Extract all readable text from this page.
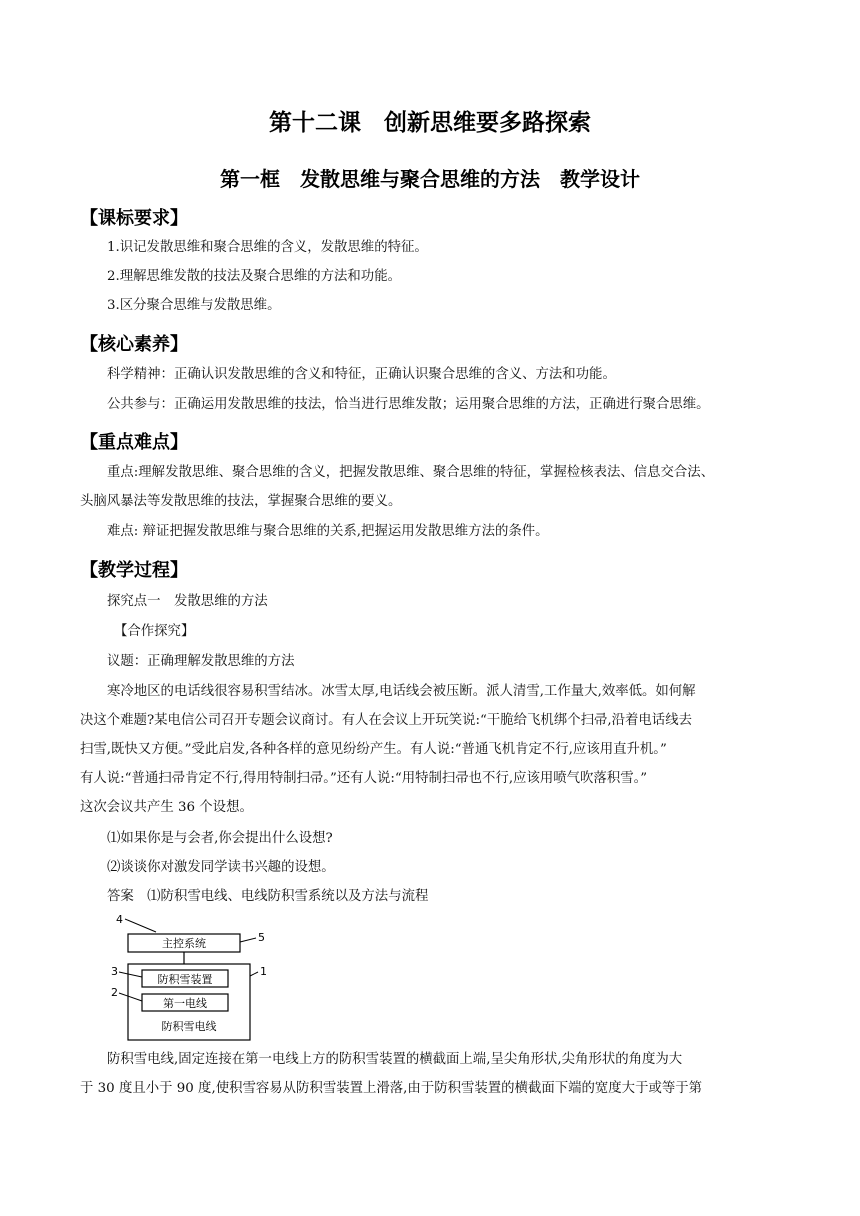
第十二课　创新思维要多路探索
第一框　发散思维与聚合思维的方法　教学设计
【课标要求】
1.识记发散思维和聚合思维的含义，发散思维的特征。
2.理解思维发散的技法及聚合思维的方法和功能。
3.区分聚合思维与发散思维。
【核心素养】
科学精神：正确认识发散思维的含义和特征，正确认识聚合思维的含义、方法和功能。
公共参与：正确运用发散思维的技法，恰当进行思维发散；运用聚合思维的方法，正确进行聚合思维。
【重点难点】
重点:理解发散思维、聚合思维的含义，把握发散思维、聚合思维的特征，掌握检核表法、信息交合法、
头脑风暴法等发散思维的技法，掌握聚合思维的要义。
难点: 辩证把握发散思维与聚合思维的关系,把握运用发散思维方法的条件。
【教学过程】
探究点一　发散思维的方法
【合作探究】
议题：正确理解发散思维的方法
寒冷地区的电话线很容易积雪结冰。冰雪太厚,电话线会被压断。派人清雪,工作量大,效率低。如何解
决这个难题?某电信公司召开专题会议商讨。有人在会议上开玩笑说:“干脆给飞机绑个扫帚,沿着电话线去
扫雪,既快又方便。”受此启发,各种各样的意见纷纷产生。有人说:“普通飞机肯定不行,应该用直升机。”
有人说:“普通扫帚肯定不行,得用特制扫帚。”还有人说:“用特制扫帚也不行,应该用喷气吹落积雪。”
这次会议共产生 36 个设想。
⑴如果你是与会者,你会提出什么设想?
⑵谈谈你对激发同学读书兴趣的设想。
答案　⑴防积雪电线、电线防积雪系统以及方法与流程
4
主控系统	5
1
防积雪装置
3
第一电线
2
防积雪电线
防积雪电线,固定连接在第一电线上方的防积雪装置的横截面上端,呈尖角形状,尖角形状的角度为大
于 30 度且小于 90 度,使积雪容易从防积雪装置上滑落,由于防积雪装置的横截面下端的宽度大于或等于第
